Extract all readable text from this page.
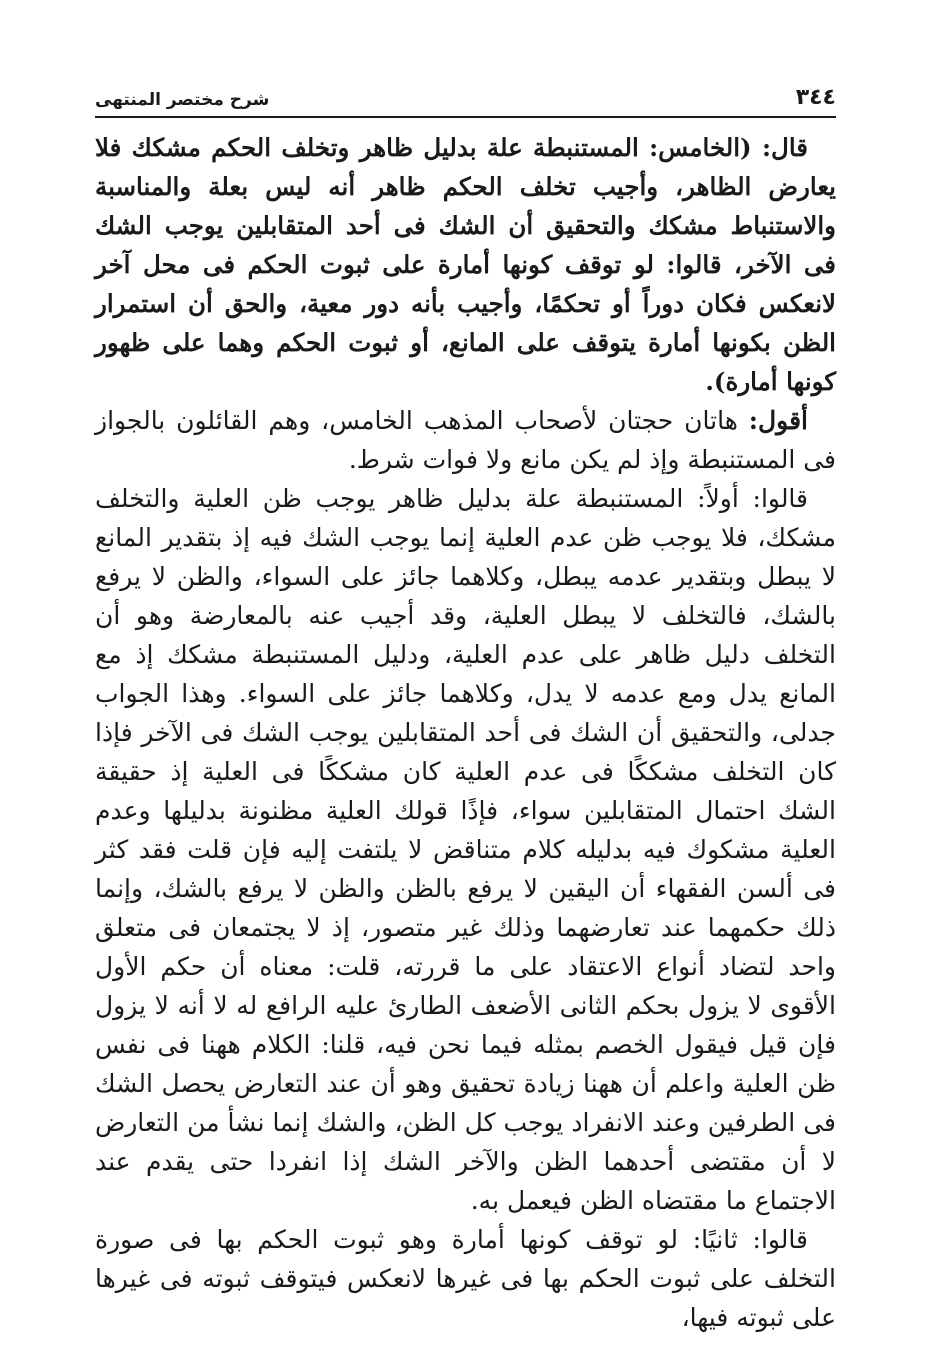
٣٤٤
شرح مختصر المنتهى

قال: (الخامس: المستنبطة علة بدليل ظاهر وتخلف الحكم مشكك فلا يعارض الظاهر، وأجيب تخلف الحكم ظاهر أنه ليس بعلة والمناسبة والاستنباط مشكك والتحقيق أن الشك فى أحد المتقابلين يوجب الشك فى الآخر، قالوا: لو توقف كونها أمارة على ثبوت الحكم فى محل آخر لانعكس فكان دوراً أو تحكمًا، وأجيب بأنه دور معية، والحق أن استمرار الظن بكونها أمارة يتوقف على المانع، أو ثبوت الحكم وهما على ظهور كونها أمارة).

أقول: هاتان حجتان لأصحاب المذهب الخامس، وهم القائلون بالجواز فى المستنبطة وإذ لم يكن مانع ولا فوات شرط.

قالوا: أولاً: المستنبطة علة بدليل ظاهر يوجب ظن العلية والتخلف مشكك، فلا يوجب ظن عدم العلية إنما يوجب الشك فيه إذ بتقدير المانع لا يبطل وبتقدير عدمه يبطل، وكلاهما جائز على السواء، والظن لا يرفع بالشك، فالتخلف لا يبطل العلية، وقد أجيب عنه بالمعارضة وهو أن التخلف دليل ظاهر على عدم العلية، ودليل المستنبطة مشكك إذ مع المانع يدل ومع عدمه لا يدل، وكلاهما جائز على السواء. وهذا الجواب جدلى، والتحقيق أن الشك فى أحد المتقابلين يوجب الشك فى الآخر فإذا كان التخلف مشككًا فى عدم العلية كان مشككًا فى العلية إذ حقيقة الشك احتمال المتقابلين سواء، فإذًا قولك العلية مظنونة بدليلها وعدم العلية مشكوك فيه بدليله كلام متناقض لا يلتفت إليه فإن قلت فقد كثر فى ألسن الفقهاء أن اليقين لا يرفع بالظن والظن لا يرفع بالشك، وإنما ذلك حكمهما عند تعارضهما وذلك غير متصور، إذ لا يجتمعان فى متعلق واحد لتضاد أنواع الاعتقاد على ما قررته، قلت: معناه أن حكم الأول الأقوى لا يزول بحكم الثانى الأضعف الطارئ عليه الرافع له لا أنه لا يزول فإن قيل فيقول الخصم بمثله فيما نحن فيه، قلنا: الكلام ههنا فى نفس ظن العلية واعلم أن ههنا زيادة تحقيق وهو أن عند التعارض يحصل الشك فى الطرفين وعند الانفراد يوجب كل الظن، والشك إنما نشأ من التعارض لا أن مقتضى أحدهما الظن والآخر الشك إذا انفردا حتى يقدم عند الاجتماع ما مقتضاه الظن فيعمل به.

قالوا: ثانيًا: لو توقف كونها أمارة وهو ثبوت الحكم بها فى صورة التخلف على ثبوت الحكم بها فى غيرها لانعكس فيتوقف ثبوته فى غيرها على ثبوته فيها،
